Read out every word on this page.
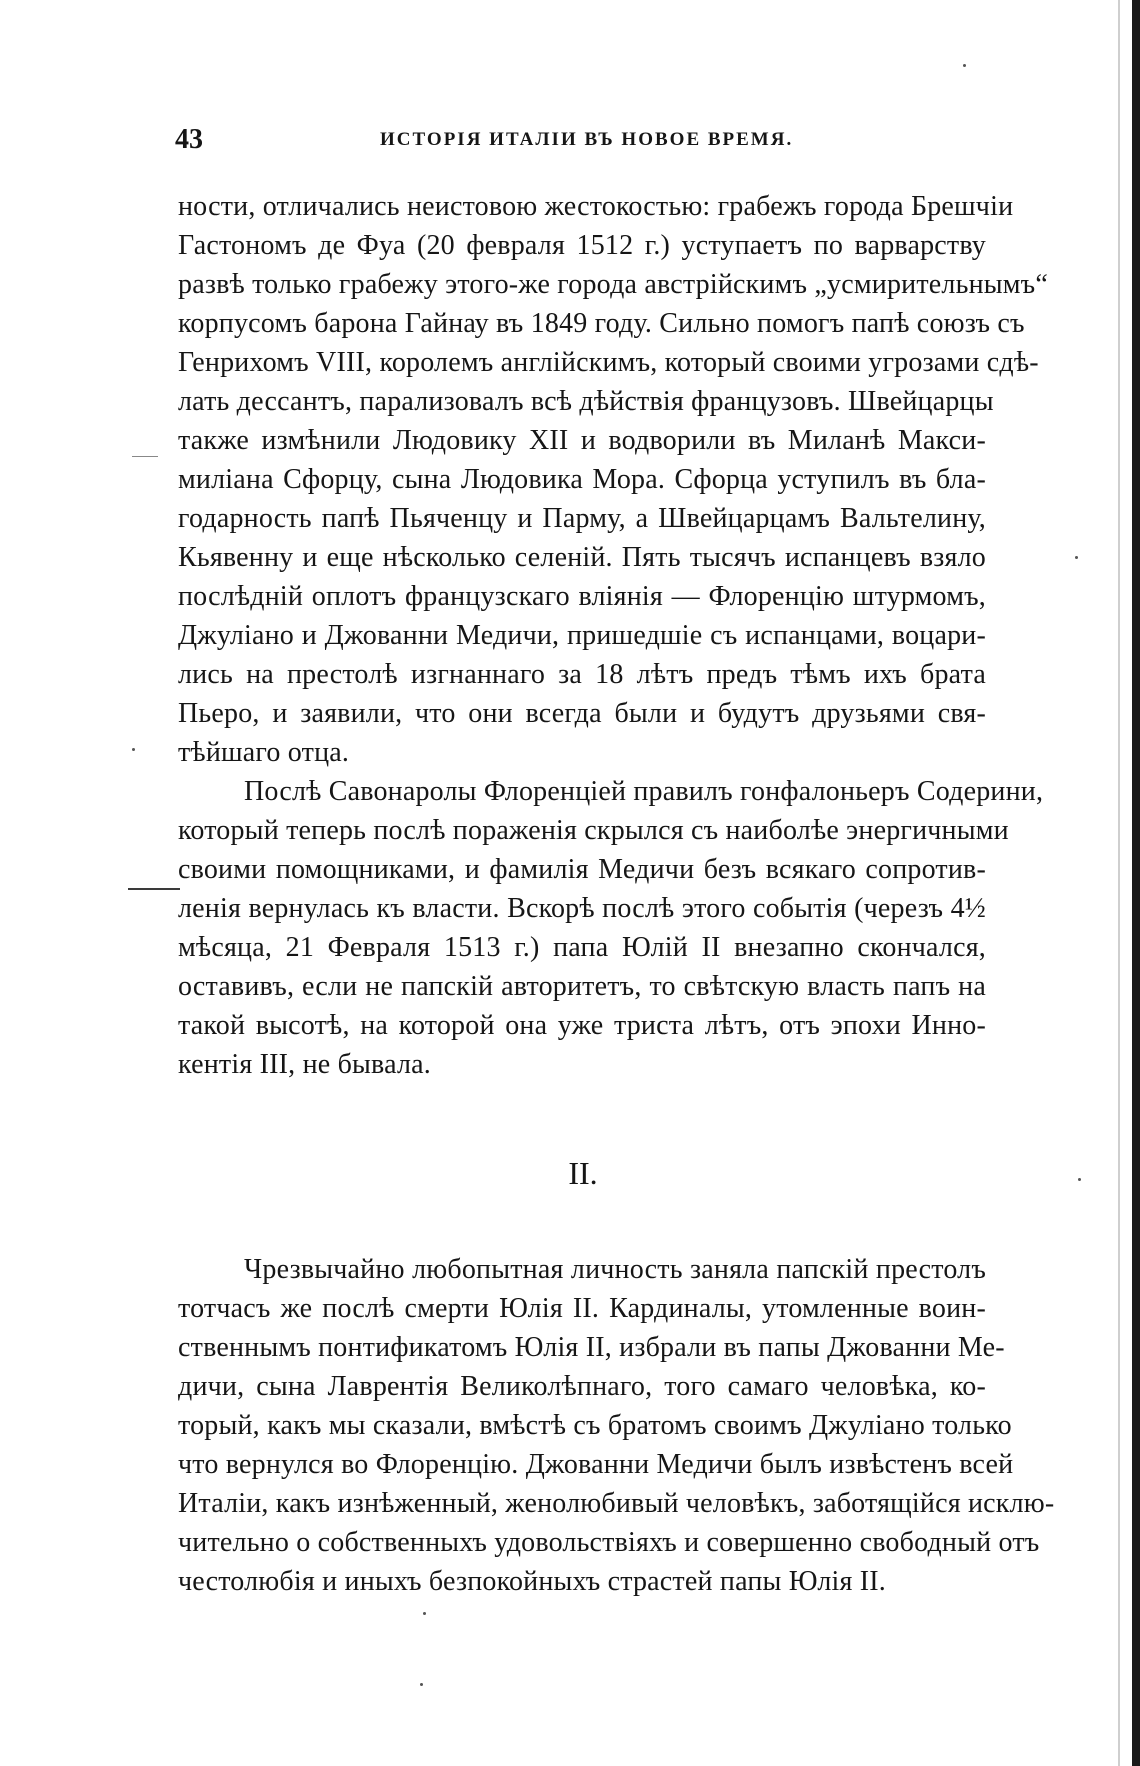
43	ИСТОРІЯ ИТАЛІИ ВЪ НОВОЕ ВРЕМЯ.
ности, отличались неистовою жестокостью: грабежъ города Брешчіи
Гастономъ де Фуа (20 февраля 1512 г.) уступаетъ по варварству
развѣ только грабежу этого-же города австрійскимъ „усмирительнымъ“
корпусомъ барона Гайнау въ 1849 году. Сильно помогъ папѣ союзъ съ
Генрихомъ VIII, королемъ англійскимъ, который своими угрозами сдѣ-
лать дессантъ, парализовалъ всѣ дѣйствія французовъ. Швейцарцы
также измѣнили Людовику XII и водворили въ Миланѣ Макси-
миліана Сфорцу, сына Людовика Мора. Сфорца уступилъ въ бла-
годарность папѣ Пьяченцу и Парму, а Швейцарцамъ Вальтелину,
Кьявенну и еще нѣсколько селеній. Пять тысячъ испанцевъ взяло
послѣдній оплотъ французскаго вліянія — Флоренцію штурмомъ,
Джуліано и Джованни Медичи, пришедшіе съ испанцами, воцари-
лись на престолѣ изгнаннаго за 18 лѣтъ предъ тѣмъ ихъ брата
Пьеро, и заявили, что они всегда были и будутъ друзьями свя-
тѣйшаго отца.
Послѣ Савонаролы Флоренціей правилъ гонфалоньеръ Содерини,
который теперь послѣ пораженія скрылся съ наиболѣе энергичными
своими помощниками, и фамилія Медичи безъ всякаго сопротив-
ленія вернулась къ власти. Вскорѣ послѣ этого событія (черезъ 4½
мѣсяца, 21 Февраля 1513 г.) папа Юлій II внезапно скончался,
оставивъ, если не папскій авторитетъ, то свѣтскую власть папъ на
такой высотѣ, на которой она уже триста лѣтъ, отъ эпохи Инно-
кентія III, не бывала.
II.
Чрезвычайно любопытная личность заняла папскій престолъ
тотчасъ же послѣ смерти Юлія II. Кардиналы, утомленные воин-
ственнымъ понтификатомъ Юлія II, избрали въ папы Джованни Ме-
дичи, сына Лаврентія Великолѣпнаго, того самаго человѣка, ко-
торый, какъ мы сказали, вмѣстѣ съ братомъ своимъ Джуліано только
что вернулся во Флоренцію. Джованни Медичи былъ извѣстенъ всей
Италіи, какъ изнѣженный, женолюбивый человѣкъ, заботящійся исклю-
чительно о собственныхъ удовольствіяхъ и совершенно свободный отъ
честолюбія и иныхъ безпокойныхъ страстей папы Юлія II.
